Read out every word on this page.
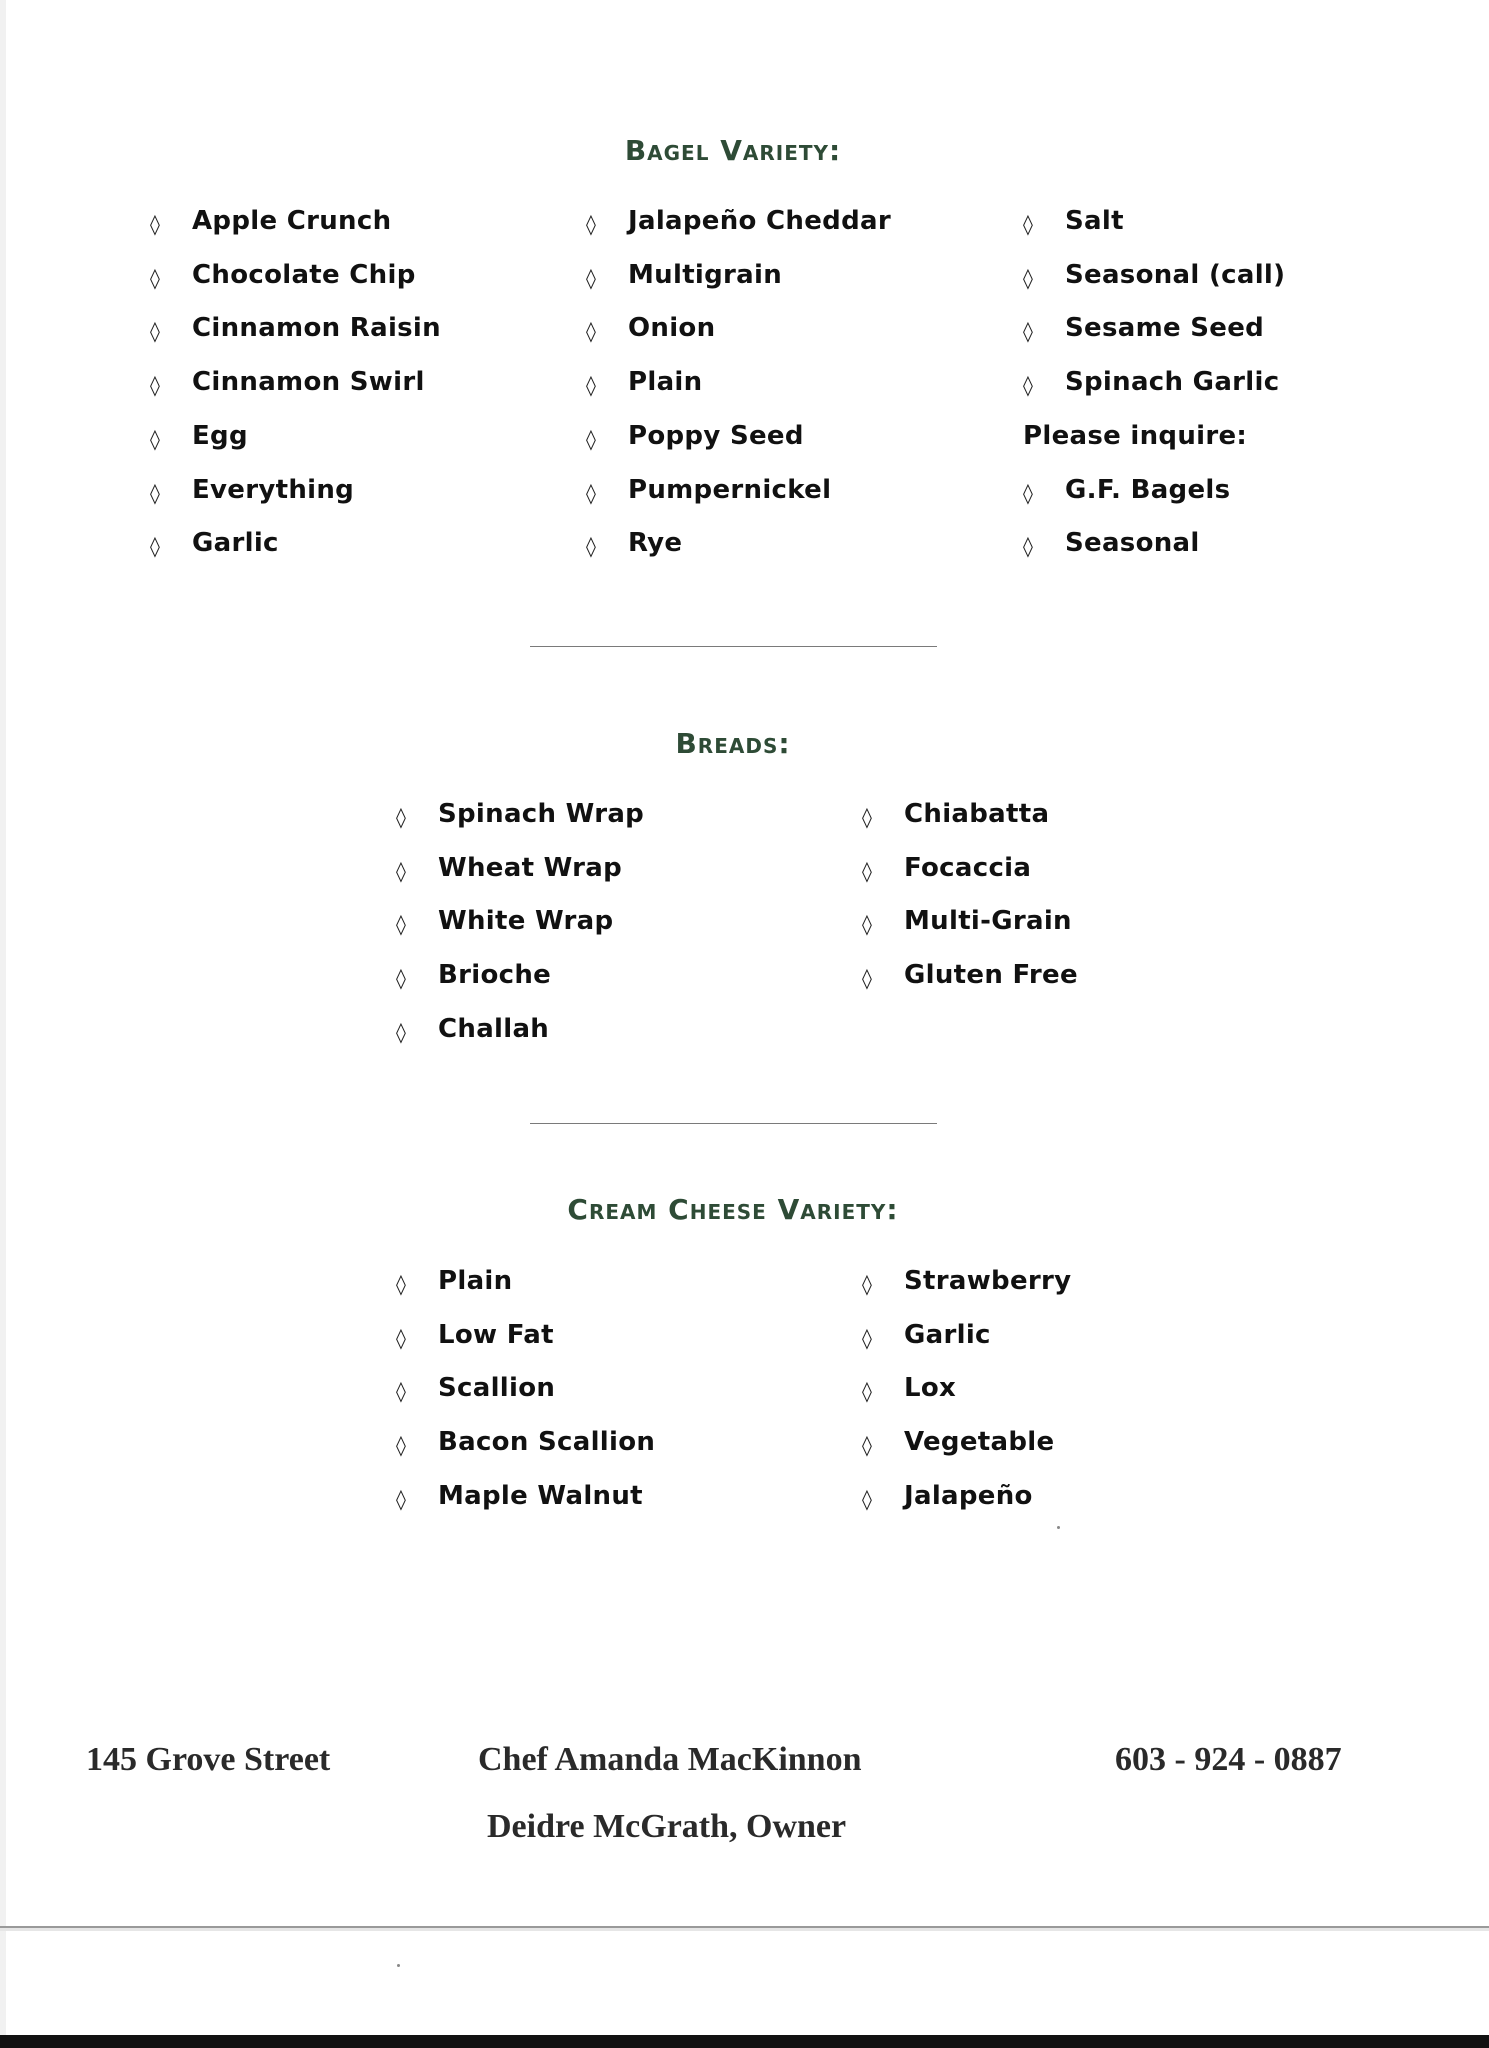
Bagel Variety:
◊ Apple Crunch
◊ Chocolate Chip
◊ Cinnamon Raisin
◊ Cinnamon Swirl
◊ Egg
◊ Everything
◊ Garlic
◊ Jalapeño Cheddar
◊ Multigrain
◊ Onion
◊ Plain
◊ Poppy Seed
◊ Pumpernickel
◊ Rye
◊ Salt
◊ Seasonal (call)
◊ Sesame Seed
◊ Spinach Garlic
Please inquire:
◊ G.F. Bagels
◊ Seasonal
Breads:
◊ Spinach Wrap
◊ Wheat Wrap
◊ White Wrap
◊ Brioche
◊ Challah
◊ Chiabatta
◊ Focaccia
◊ Multi-Grain
◊ Gluten Free
Cream Cheese Variety:
◊ Plain
◊ Low Fat
◊ Scallion
◊ Bacon Scallion
◊ Maple Walnut
◊ Strawberry
◊ Garlic
◊ Lox
◊ Vegetable
◊ Jalapeño
145 Grove Street	Chef Amanda MacKinnon	603 - 924 - 0887
Deidre McGrath, Owner
